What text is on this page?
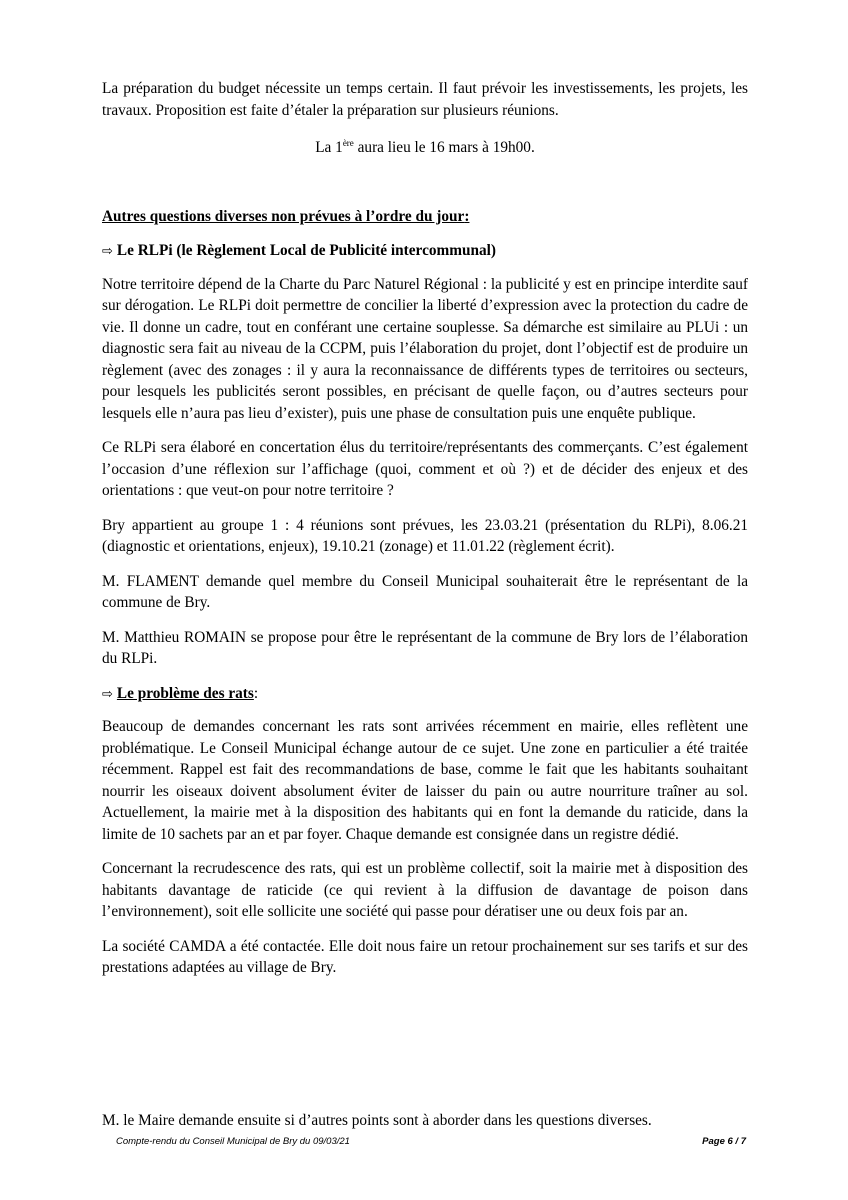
La préparation du budget nécessite un temps certain. Il faut prévoir les investissements, les projets, les travaux. Proposition est faite d’étaler la préparation sur plusieurs réunions.

La 1ère aura lieu le 16 mars à 19h00.

Autres questions diverses non prévues à l’ordre du jour:

⇨ Le RLPi (le Règlement Local de Publicité intercommunal)

Notre territoire dépend de la Charte du Parc Naturel Régional : la publicité y est en principe interdite sauf sur dérogation. Le RLPi doit permettre de concilier la liberté d’expression avec la protection du cadre de vie. Il donne un cadre, tout en conférant une certaine souplesse. Sa démarche est similaire au PLUi : un diagnostic sera fait au niveau de la CCPM, puis l’élaboration du projet, dont l’objectif est de produire un règlement (avec des zonages : il y aura la reconnaissance de différents types de territoires ou secteurs, pour lesquels les publicités seront possibles, en précisant de quelle façon, ou d’autres secteurs pour lesquels elle n’aura pas lieu d’exister), puis une phase de consultation puis une enquête publique.

Ce RLPi sera élaboré en concertation élus du territoire/représentants des commerçants. C’est également l’occasion d’une réflexion sur l’affichage (quoi, comment et où ?) et de décider des enjeux et des orientations : que veut-on pour notre territoire ?

Bry appartient au groupe 1 : 4 réunions sont prévues, les 23.03.21 (présentation du RLPi), 8.06.21 (diagnostic et orientations, enjeux), 19.10.21 (zonage) et 11.01.22 (règlement écrit).

M. FLAMENT demande quel membre du Conseil Municipal souhaiterait être le représentant de la commune de Bry.

M. Matthieu ROMAIN se propose pour être le représentant de la commune de Bry lors de l’élaboration du RLPi.

⇨ Le problème des rats:

Beaucoup de demandes concernant les rats sont arrivées récemment en mairie, elles reflètent une problématique. Le Conseil Municipal échange autour de ce sujet. Une zone en particulier a été traitée récemment. Rappel est fait des recommandations de base, comme le fait que les habitants souhaitant nourrir les oiseaux doivent absolument éviter de laisser du pain ou autre nourriture traîner au sol. Actuellement, la mairie met à la disposition des habitants qui en font la demande du raticide, dans la limite de 10 sachets par an et par foyer. Chaque demande est consignée dans un registre dédié.

Concernant la recrudescence des rats, qui est un problème collectif, soit la mairie met à disposition des habitants davantage de raticide (ce qui revient à la diffusion de davantage de poison dans l’environnement), soit elle sollicite une société qui passe pour dératiser une ou deux fois par an.

La société CAMDA a été contactée. Elle doit nous faire un retour prochainement sur ses tarifs et sur des prestations adaptées au village de Bry.

M. le Maire demande ensuite si d’autres points sont à aborder dans les questions diverses.
Compte-rendu du Conseil Municipal de Bry du 09/03/21	Page 6 / 7
